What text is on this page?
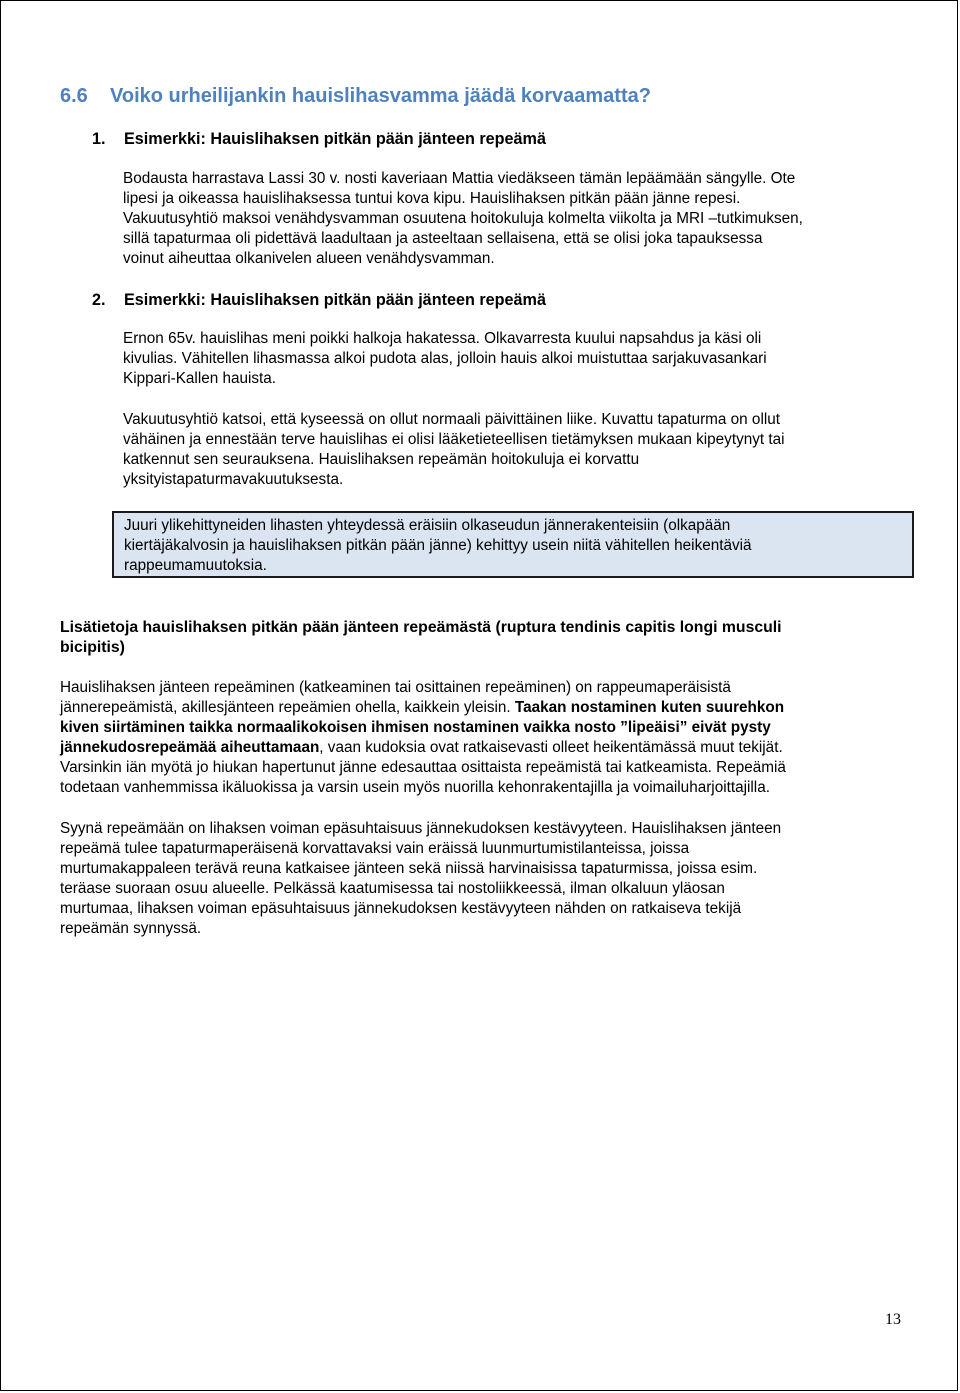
6.6 Voiko urheilijankin hauislihasvamma jäädä korvaamatta?
1. Esimerkki: Hauislihaksen pitkän pään jänteen repeämä

Bodausta harrastava Lassi 30 v. nosti kaveriaan Mattia viedäkseen tämän lepäämään sängylle. Ote

lipesi ja oikeassa hauislihaksessa tuntui kova kipu. Hauislihaksen pitkän pään jänne repesi.

Vakuutusyhtiö maksoi venähdysvamman osuutena hoitokuluja kolmelta viikolta ja MRI –tutkimuksen,

sillä tapaturmaa oli pidettävä laadultaan ja asteeltaan sellaisena, että se olisi joka tapauksessa

voinut aiheuttaa olkanivelen alueen venähdysvamman.

2. Esimerkki: Hauislihaksen pitkän pään jänteen repeämä

Ernon 65v. hauislihas meni poikki halkoja hakatessa. Olkavarresta kuului napsahdus ja käsi oli

kivulias. Vähitellen lihasmassa alkoi pudota alas, jolloin hauis alkoi muistuttaa sarjakuvasankari

Kippari-Kallen hauista.

Vakuutusyhtiö katsoi, että kyseessä on ollut normaali päivittäinen liike. Kuvattu tapaturma on ollut

vähäinen ja ennestään terve hauislihas ei olisi lääketieteellisen tietämyksen mukaan kipeytynyt tai

katkennut sen seurauksena. Hauislihaksen repeämän hoitokuluja ei korvattu

yksityistapaturmavakuutuksesta.

Juuri ylikehittyneiden lihasten yhteydessä eräisiin olkaseudun jännerakenteisiin (olkapään

kiertäjäkalvosin ja hauislihaksen pitkän pään jänne) kehittyy usein niitä vähitellen heikentäviä

rappeumamuutoksia.

Lisätietoja hauislihaksen pitkän pään jänteen repeämästä (ruptura tendinis capitis longi musculi

bicipitis)

Hauislihaksen jänteen repeäminen (katkeaminen tai osittainen repeäminen) on rappeumaperäisistä

jännerepeämistä, akillesjänteen repeämien ohella, kaikkein yleisin. Taakan nostaminen kuten suurehkon

kiven siirtäminen taikka normaalikokoisen ihmisen nostaminen vaikka nosto ”lipeäisi” eivät pysty

jännekudosrepeämää aiheuttamaan, vaan kudoksia ovat ratkaisevasti olleet heikentämässä muut tekijät.

Varsinkin iän myötä jo hiukan hapertunut jänne edesauttaa osittaista repeämistä tai katkeamista. Repeämiä

todetaan vanhemmissa ikäluokissa ja varsin usein myös nuorilla kehonrakentajilla ja voimailuharjoittajilla.

Syynä repeämään on lihaksen voiman epäsuhtaisuus jännekudoksen kestävyyteen. Hauislihaksen jänteen

repeämä tulee tapaturmaperäisenä korvattavaksi vain eräissä luunmurtumistilanteissa, joissa

murtumakappaleen terävä reuna katkaisee jänteen sekä niissä harvinaisissa tapaturmissa, joissa esim.

teräase suoraan osuu alueelle. Pelkässä kaatumisessa tai nostoliikkeessä, ilman olkaluun yläosan

murtumaa, lihaksen voiman epäsuhtaisuus jännekudoksen kestävyyteen nähden on ratkaiseva tekijä

repeämän synnyssä.

13
